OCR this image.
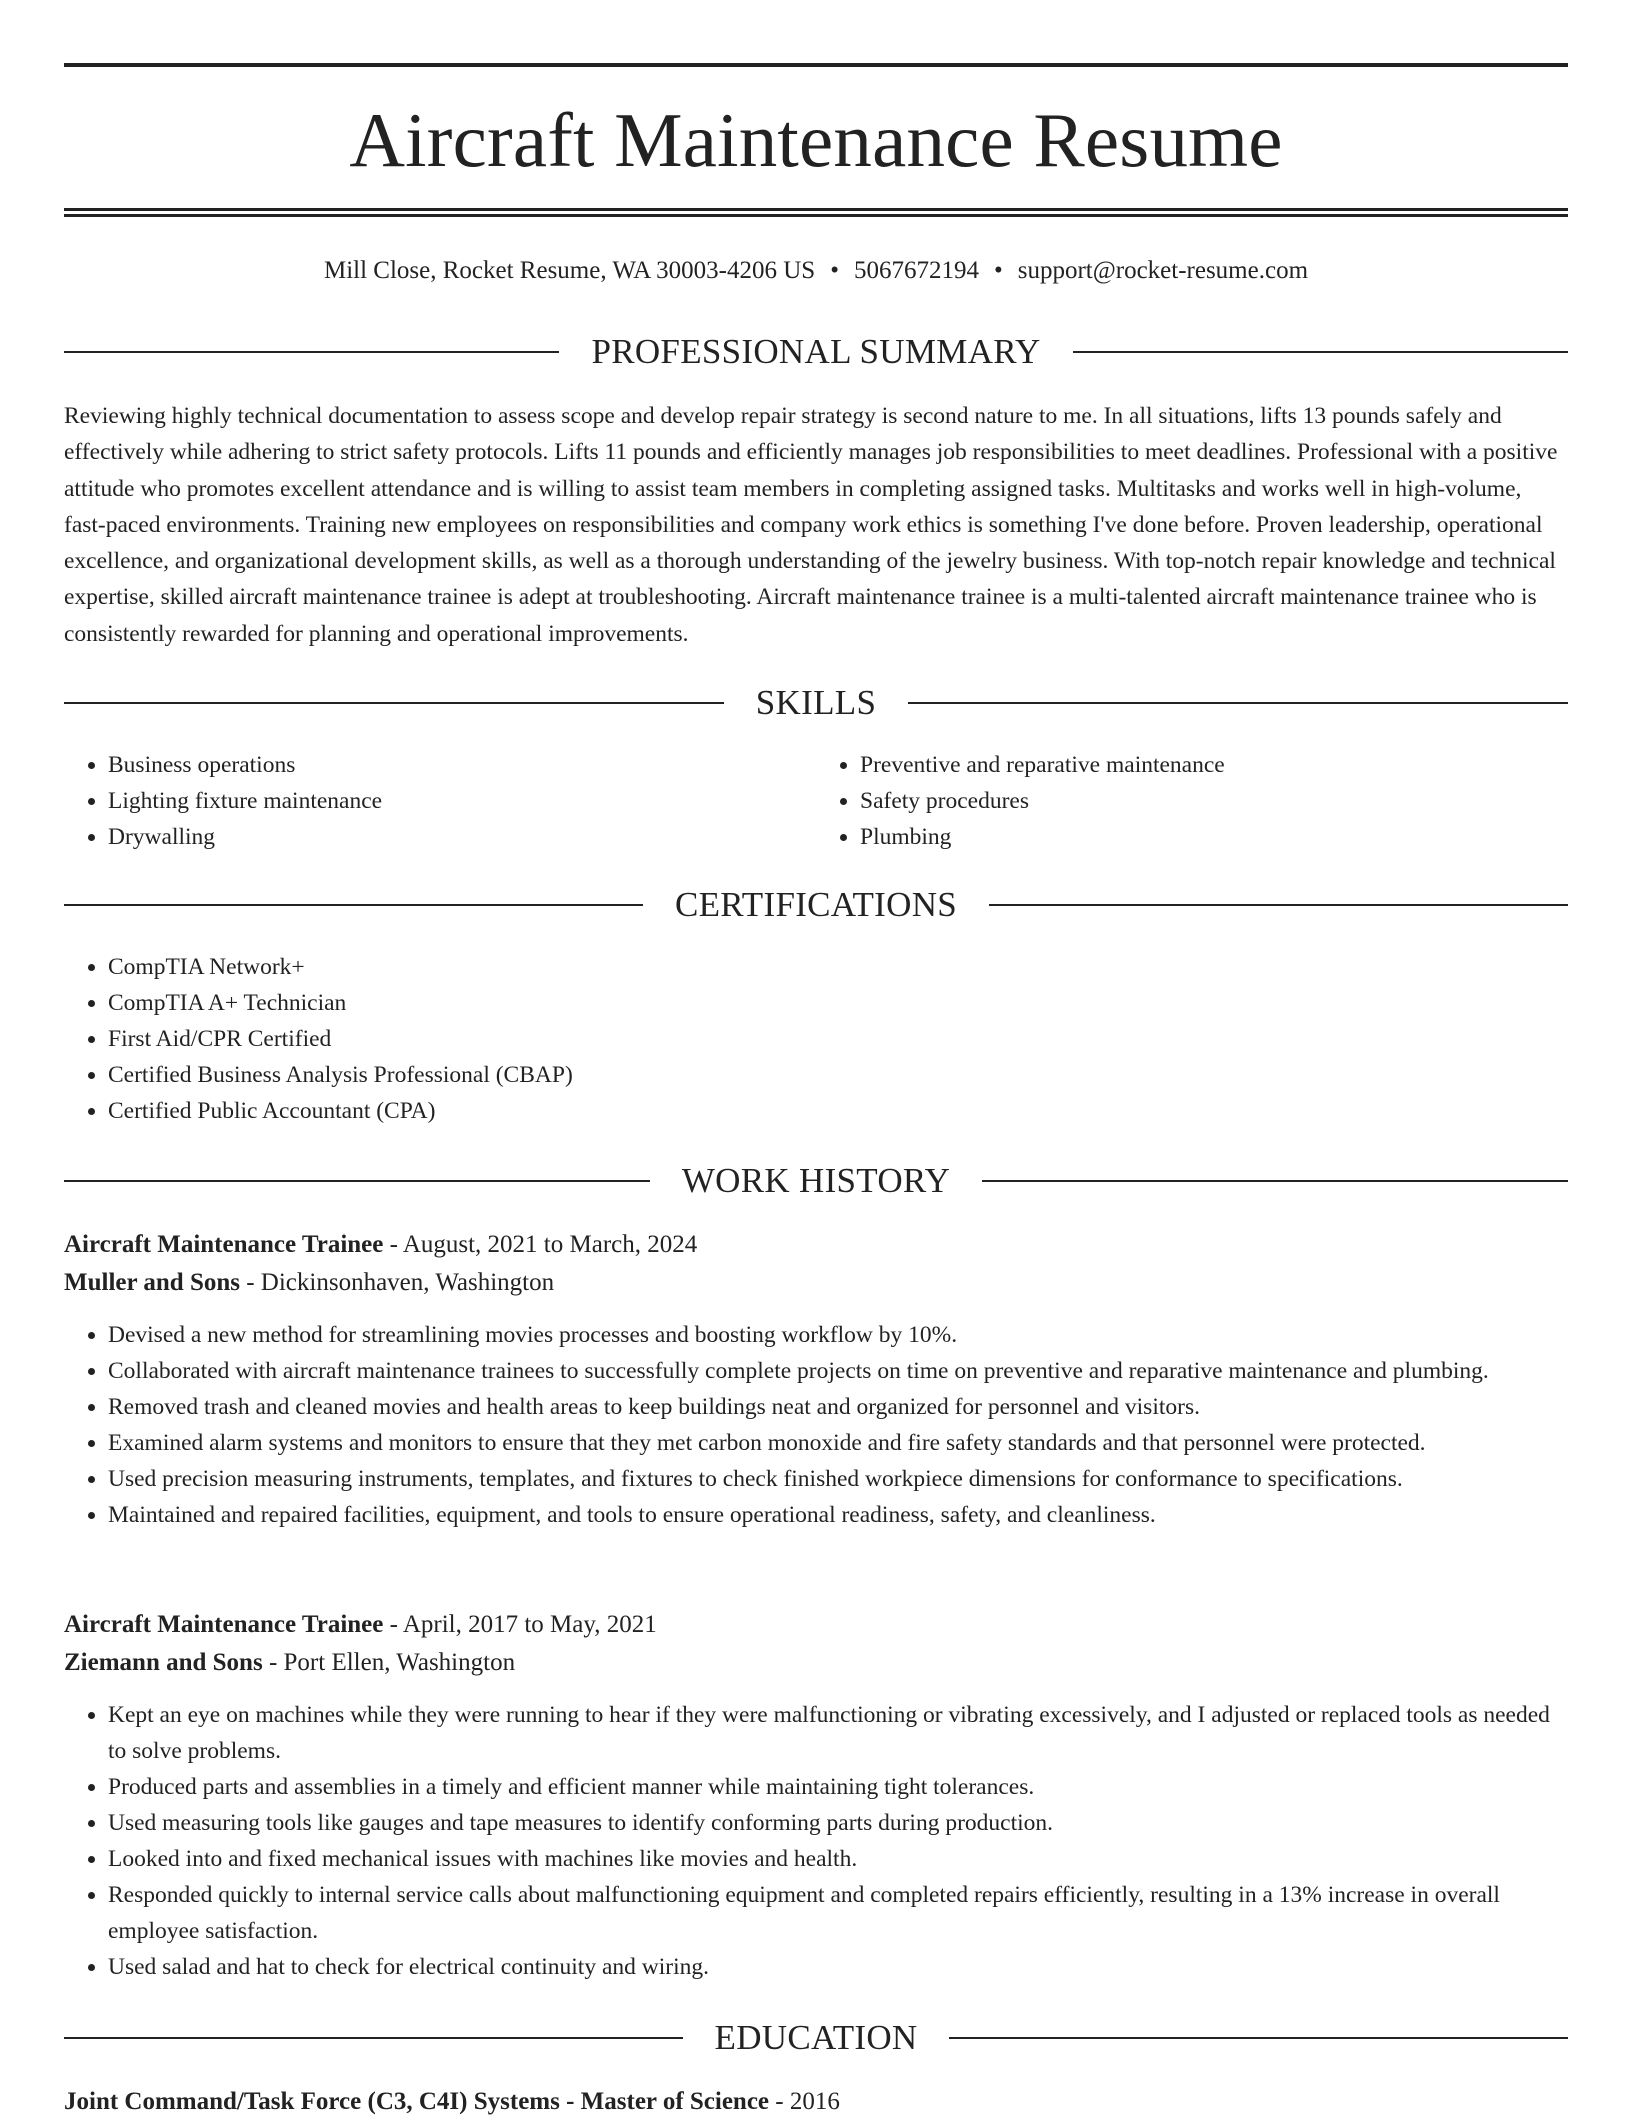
Aircraft Maintenance Resume
Mill Close, Rocket Resume, WA 30003-4206 US • 5067672194 • support@rocket-resume.com
PROFESSIONAL SUMMARY

Reviewing highly technical documentation to assess scope and develop repair strategy is second nature to me. In all situations, lifts 13 pounds safely and effectively while adhering to strict safety protocols. Lifts 11 pounds and efficiently manages job responsibilities to meet deadlines. Professional with a positive attitude who promotes excellent attendance and is willing to assist team members in completing assigned tasks. Multitasks and works well in high-volume, fast-paced environments. Training new employees on responsibilities and company work ethics is something I've done before. Proven leadership, operational excellence, and organizational development skills, as well as a thorough understanding of the jewelry business. With top-notch repair knowledge and technical expertise, skilled aircraft maintenance trainee is adept at troubleshooting. Aircraft maintenance trainee is a multi-talented aircraft maintenance trainee who is consistently rewarded for planning and operational improvements.

SKILLS
• Business operations
• Lighting fixture maintenance
• Drywalling
• Preventive and reparative maintenance
• Safety procedures
• Plumbing
CERTIFICATIONS
• CompTIA Network+
• CompTIA A+ Technician
• First Aid/CPR Certified
• Certified Business Analysis Professional (CBAP)
• Certified Public Accountant (CPA)
WORK HISTORY
Aircraft Maintenance Trainee - August, 2021 to March, 2024
Muller and Sons - Dickinsonhaven, Washington
• Devised a new method for streamlining movies processes and boosting workflow by 10%.
• Collaborated with aircraft maintenance trainees to successfully complete projects on time on preventive and reparative maintenance and plumbing.
• Removed trash and cleaned movies and health areas to keep buildings neat and organized for personnel and visitors.
• Examined alarm systems and monitors to ensure that they met carbon monoxide and fire safety standards and that personnel were protected.
• Used precision measuring instruments, templates, and fixtures to check finished workpiece dimensions for conformance to specifications.
• Maintained and repaired facilities, equipment, and tools to ensure operational readiness, safety, and cleanliness.
Aircraft Maintenance Trainee - April, 2017 to May, 2021
Ziemann and Sons - Port Ellen, Washington
• Kept an eye on machines while they were running to hear if they were malfunctioning or vibrating excessively, and I adjusted or replaced tools as needed to solve problems.
• Produced parts and assemblies in a timely and efficient manner while maintaining tight tolerances.
• Used measuring tools like gauges and tape measures to identify conforming parts during production.
• Looked into and fixed mechanical issues with machines like movies and health.
• Responded quickly to internal service calls about malfunctioning equipment and completed repairs efficiently, resulting in a 13% increase in overall employee satisfaction.
• Used salad and hat to check for electrical continuity and wiring.
EDUCATION
Joint Command/Task Force (C3, C4I) Systems - Master of Science - 2016
